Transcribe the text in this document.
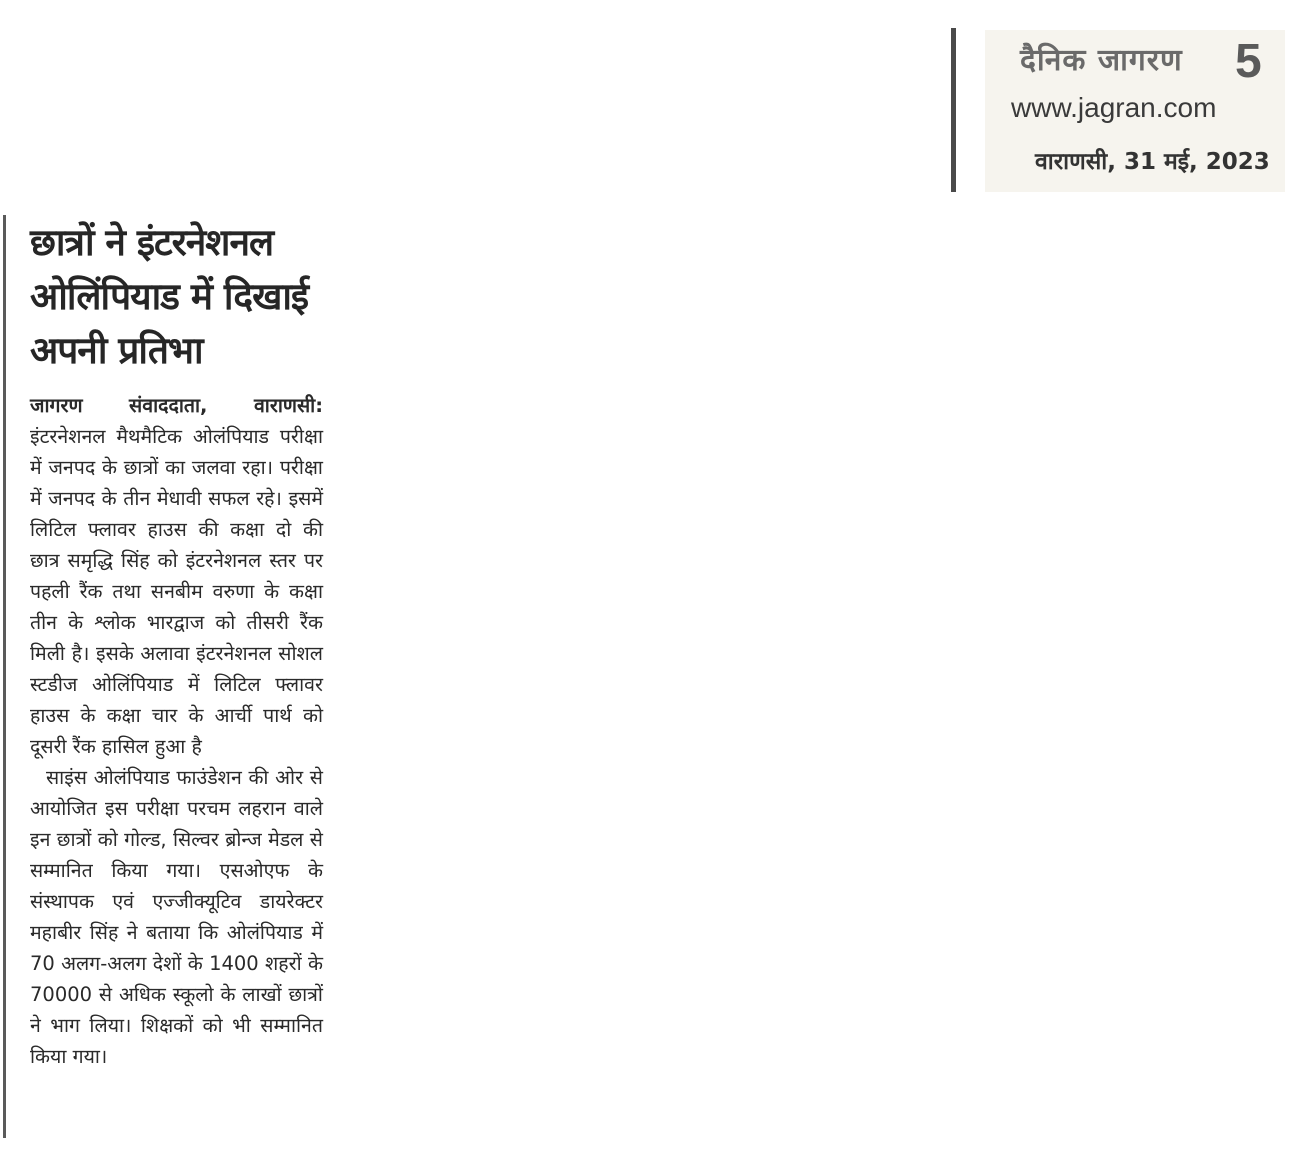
दैनिक जागरण 5
www.jagran.com
वाराणसी, 31 मई, 2023
छात्रों ने इंटरनेशनल ओलिंपियाड में दिखाई अपनी प्रतिभा

जागरण संवाददाता, वाराणसी: इंटरनेशनल मैथमैटिक ओलंपियाड परीक्षा में जनपद के छात्रों का जलवा रहा। परीक्षा में जनपद के तीन मेधावी सफल रहे। इसमें लिटिल फ्लावर हाउस की कक्षा दो की छात्र समृद्धि सिंह को इंटरनेशनल स्तर पर पहली रैंक तथा सनबीम वरुणा के कक्षा तीन के श्लोक भारद्वाज को तीसरी रैंक मिली है। इसके अलावा इंटरनेशनल सोशल स्टडीज ओलिंपियाड में लिटिल फ्लावर हाउस के कक्षा चार के आर्ची पार्थ को दूसरी रैंक हासिल हुआ है

साइंस ओलंपियाड फाउंडेशन की ओर से आयोजित इस परीक्षा परचम लहरान वाले इन छात्रों को गोल्ड, सिल्वर ब्रोन्ज मेडल से सम्मानित किया गया। एसओएफ के संस्थापक एवं एज्जीक्यूटिव डायरेक्टर महाबीर सिंह ने बताया कि ओलंपियाड में 70 अलग-अलग देशों के 1400 शहरों के 70000 से अधिक स्कूलो के लाखों छात्रों ने भाग लिया। शिक्षकों को भी सम्मानित किया गया।
